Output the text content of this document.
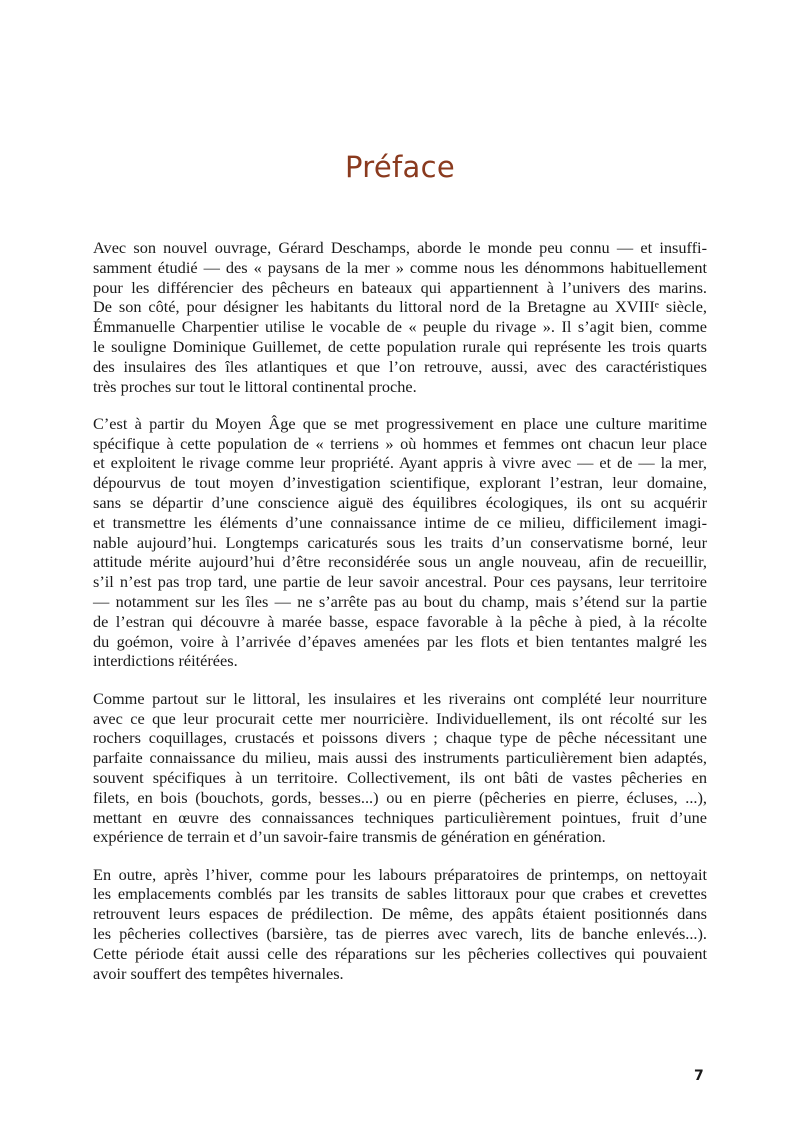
Préface

Avec son nouvel ouvrage, Gérard Deschamps, aborde le monde peu connu — et insuffi-
samment étudié — des « paysans de la mer » comme nous les dénommons habituellement
pour les différencier des pêcheurs en bateaux qui appartiennent à l’univers des marins.
De son côté, pour désigner les habitants du littoral nord de la Bretagne au XVIIIᵉ siècle,
Émmanuelle Charpentier utilise le vocable de « peuple du rivage ». Il s’agit bien, comme
le souligne Dominique Guillemet, de cette population rurale qui représente les trois quarts
des insulaires des îles atlantiques et que l’on retrouve, aussi, avec des caractéristiques
très proches sur tout le littoral continental proche.

C’est à partir du Moyen Âge que se met progressivement en place une culture maritime
spécifique à cette population de « terriens » où hommes et femmes ont chacun leur place
et exploitent le rivage comme leur propriété. Ayant appris à vivre avec — et de — la mer,
dépourvus de tout moyen d’investigation scientifique, explorant l’estran, leur domaine,
sans se départir d’une conscience aiguë des équilibres écologiques, ils ont su acquérir
et transmettre les éléments d’une connaissance intime de ce milieu, difficilement imagi-
nable aujourd’hui. Longtemps caricaturés sous les traits d’un conservatisme borné, leur
attitude mérite aujourd’hui d’être reconsidérée sous un angle nouveau, afin de recueillir,
s’il n’est pas trop tard, une partie de leur savoir ancestral. Pour ces paysans, leur territoire
— notamment sur les îles — ne s’arrête pas au bout du champ, mais s’étend sur la partie
de l’estran qui découvre à marée basse, espace favorable à la pêche à pied, à la récolte
du goémon, voire à l’arrivée d’épaves amenées par les flots et bien tentantes malgré les
interdictions réitérées.

Comme partout sur le littoral, les insulaires et les riverains ont complété leur nourriture
avec ce que leur procurait cette mer nourricière. Individuellement, ils ont récolté sur les
rochers coquillages, crustacés et poissons divers ; chaque type de pêche nécessitant une
parfaite connaissance du milieu, mais aussi des instruments particulièrement bien adaptés,
souvent spécifiques à un territoire. Collectivement, ils ont bâti de vastes pêcheries en
filets, en bois (bouchots, gords, besses...) ou en pierre (pêcheries en pierre, écluses, ...),
mettant en œuvre des connaissances techniques particulièrement pointues, fruit d’une
expérience de terrain et d’un savoir-faire transmis de génération en génération.

En outre, après l’hiver, comme pour les labours préparatoires de printemps, on nettoyait
les emplacements comblés par les transits de sables littoraux pour que crabes et crevettes
retrouvent leurs espaces de prédilection. De même, des appâts étaient positionnés dans
les pêcheries collectives (barsière, tas de pierres avec varech, lits de banche enlevés...).
Cette période était aussi celle des réparations sur les pêcheries collectives qui pouvaient
avoir souffert des tempêtes hivernales.

7
